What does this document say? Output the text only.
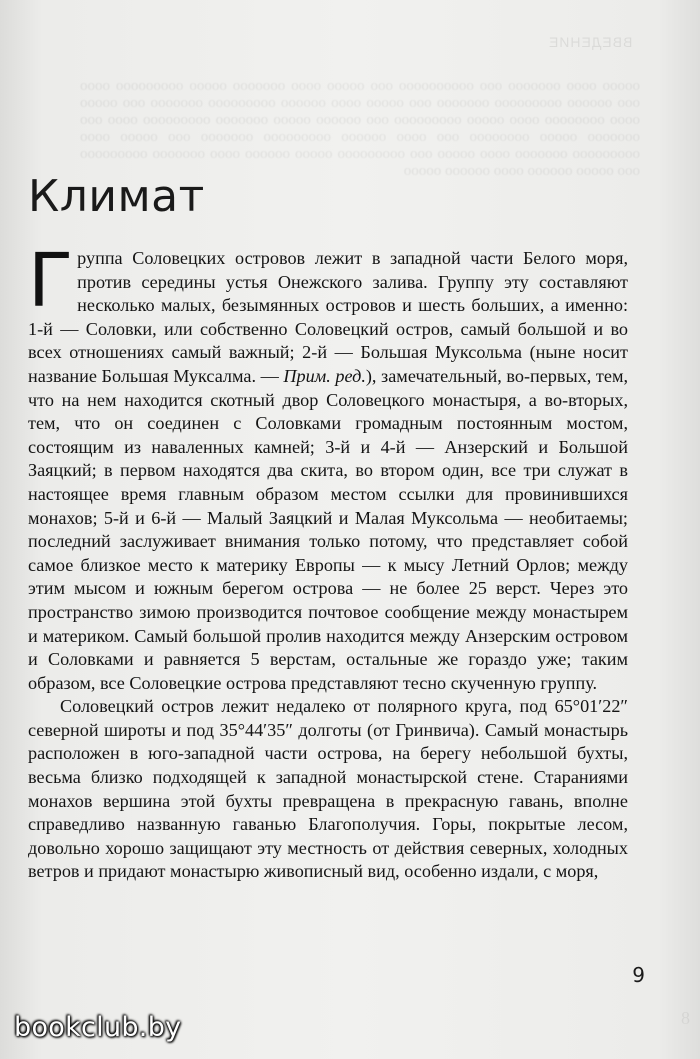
ВВЕДЕНИЕ
ооооо оооо ооооооо ооо оооооооооо ооо ооооо оооо ооооооо ооооо ооооооооо оооо ооо оооооо ооооооооо ооооооо ооо ооооо оооо оооооо ооооооооо ооооооо ооо ооооо оооо оооооооо оооо ооооо ооооооооо ооо оооооо ооооо ооооооо ооооооооо оооо ооо ооооооо ооооо оооооооо ооо оооо оооооо ооооооооо ооооооо ооо ооооо оооо ооооооооо ооооооо оооо ооооо ооо ооооооооо ооооо оооооо оооо ооооооо ооооооооо ооо ооооо оооооо оооо оооооо ооооо
Климат

Группа Соловецких островов лежит в западной части Белого моря, против середины устья Онежского залива. Группу эту составляют несколько малых, безымянных островов и шесть больших, а именно: 1-й — Соловки, или собственно Соловецкий остров, самый большой и во всех отношениях самый важный; 2-й — Большая Муксольма (ныне носит название Большая Муксалма. — Прим. ред.), замечательный, во-первых, тем, что на нем находится скотный двор Соловецкого монастыря, а во-вторых, тем, что он соединен с Соловками громадным постоянным мостом, состоящим из наваленных камней; 3-й и 4-й — Анзерский и Большой Заяцкий; в первом находятся два скита, во втором один, все три служат в настоящее время главным образом местом ссылки для провинившихся монахов; 5-й и 6-й — Малый Заяцкий и Малая Муксольма — необитаемы; последний заслуживает внимания только потому, что представляет собой самое близкое место к материку Европы — к мысу Летний Орлов; между этим мысом и южным берегом острова — не более 25 верст. Через это пространство зимою производится почтовое сообщение между монастырем и материком. Самый большой пролив находится между Анзерским островом и Соловками и равняется 5 верстам, остальные же гораздо уже; таким образом, все Соловецкие острова представляют тесно скученную группу.

Соловецкий остров лежит недалеко от полярного круга, под 65°01′22″ северной широты и под 35°44′35″ долготы (от Гринвича). Самый монастырь расположен в юго-западной части острова, на берегу небольшой бухты, весьма близко подходящей к западной монастырской стене. Стараниями монахов вершина этой бухты превращена в прекрасную гавань, вполне справедливо названную гаванью Благополучия. Горы, покрытые лесом, довольно хорошо защищают эту местность от действия северных, холодных ветров и придают монастырю живописный вид, особенно издали, с моря,

9
8
bookclub.by
